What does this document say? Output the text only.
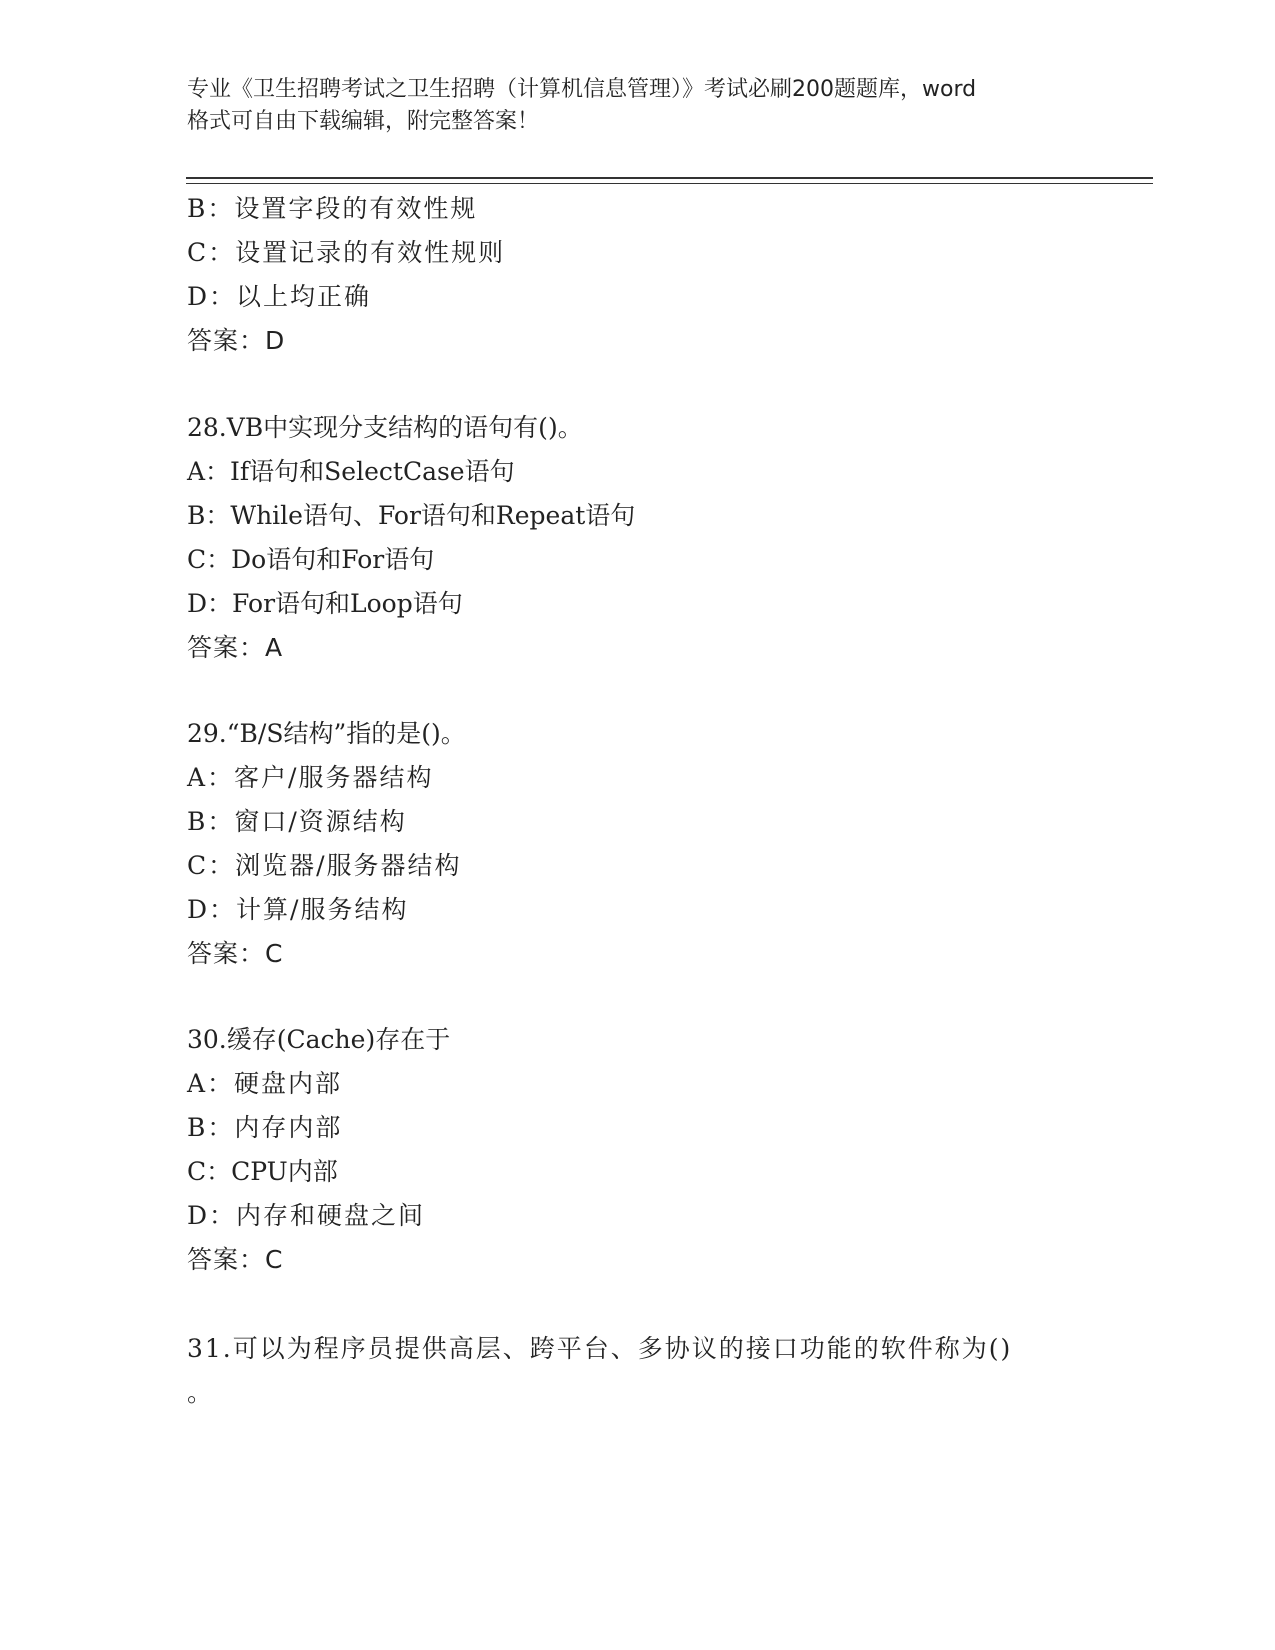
专业《卫生招聘考试之卫生招聘（计算机信息管理）》考试必刷200题题库，word
格式可自由下载编辑，附完整答案！
B：设置字段的有效性规
C：设置记录的有效性规则
D：以上均正确
答案：D
28.VB中实现分支结构的语句有()。
A：If语句和SelectCase语句
B：While语句、For语句和Repeat语句
C：Do语句和For语句
D：For语句和Loop语句
答案：A
29.“B/S结构”指的是()。
A：客户/服务器结构
B：窗口/资源结构
C：浏览器/服务器结构
D：计算/服务结构
答案：C
30.缓存(Cache)存在于
A：硬盘内部
B：内存内部
C：CPU内部
D：内存和硬盘之间
答案：C
31.可以为程序员提供高层、跨平台、多协议的接口功能的软件称为()
。
